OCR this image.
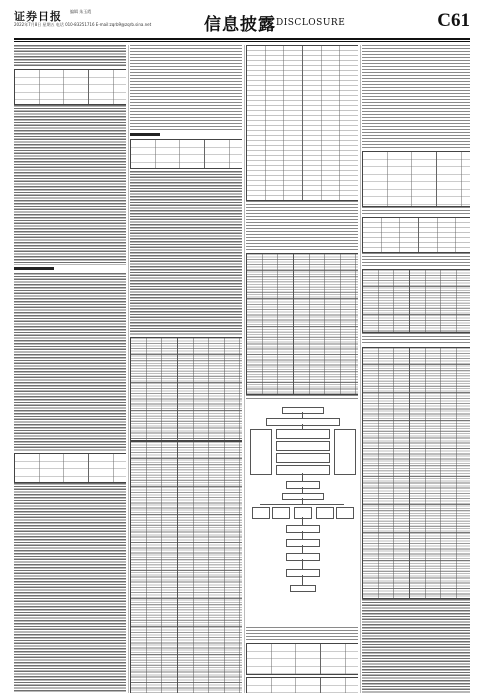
证券日报 编辑 朱玉霞
2022年7月8日 星期五 电话 010-83251716 E-mail:zqrb9@zqrb.sina.net	信息披露 DISCLOSURE	C61
